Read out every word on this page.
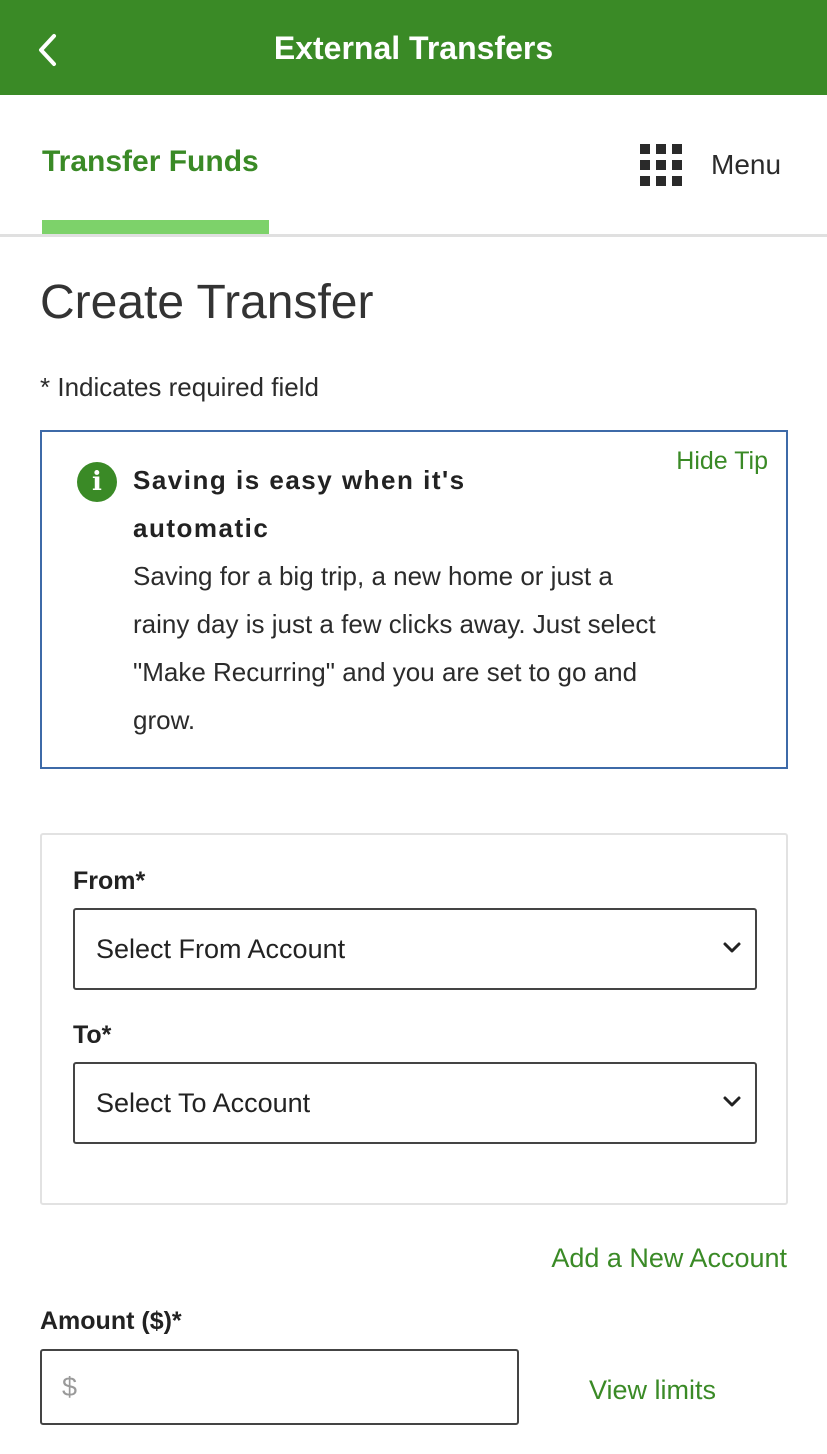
External Transfers
Transfer Funds	Menu
Create Transfer
* Indicates required field
i
Hide Tip
Saving is easy when it's automatic
Saving for a big trip, a new home or just a rainy day is just a few clicks away. Just select "Make Recurring" and you are set to go and grow.
From*
Select From Account
To*
Select To Account
Add a New Account
Amount ($)*
$
View limits
